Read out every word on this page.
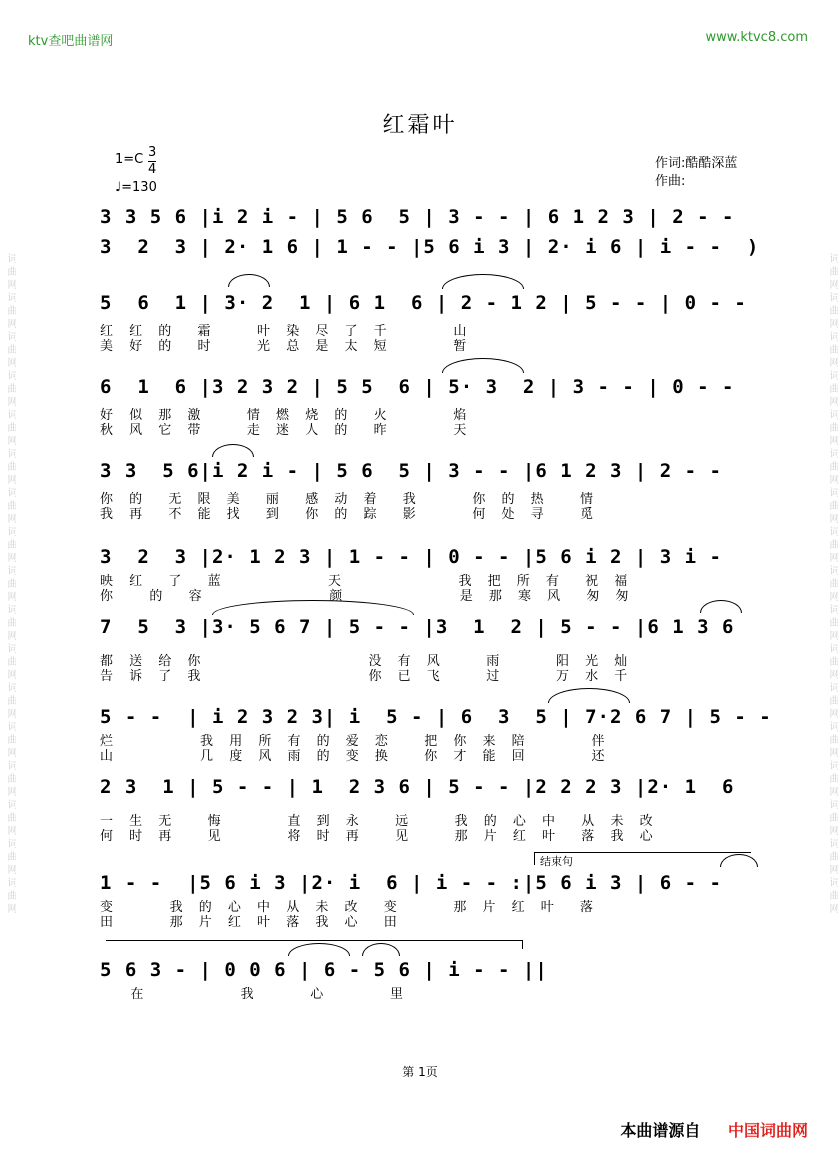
词曲网词曲网词曲网词曲网词曲网词曲网词曲网词曲网词曲网词曲网词曲网词曲网词曲网词曲网词曲网词曲网词曲网	词曲网词曲网词曲网词曲网词曲网词曲网词曲网词曲网词曲网词曲网词曲网词曲网词曲网词曲网词曲网词曲网词曲网
ktv查吧曲谱网	www.ktvc8.com
红霜叶
1=C 3
4
♩=130
作词:酷酷深蓝
作曲:
3 3 5 6 |i 2 i - | 5 6  5 | 3 - - | 6 1 2 3 | 2 - -
3  2  3 | 2· 1 6 | 1 - - |5 6 i 3 | 2· i 6 | i - -  )
5  6  1 | 3· 2  1 | 6 1  6 | 2 - 1 2 | 5 - - | 0 - -
红 红 的  霜    叶 染 尽 了 千      山
美 好 的  时    光 总 是 太 短      暂
6  1  6 |3 2 3 2 | 5 5  6 | 5· 3  2 | 3 - - | 0 - -
好 似 那 激    情 燃 烧 的  火      焰
秋 风 它 带    走 迷 人 的  昨      天
3 3  5 6|i 2 i - | 5 6  5 | 3 - - |6 1 2 3 | 2 - -
你 的  无 限 美  丽  感 动 着  我     你 的 热   情
我 再  不 能 找  到  你 的 踪  影     何 处 寻   觅
3  2  3 |2· 1 2 3 | 1 - - | 0 - - |5 6 i 2 | 3 i -
映 红  了  蓝          天           我 把 所 有  祝 福
你   的  容            颜           是 那 寒 风  匆 匆
7  5  3 |3· 5 6 7 | 5 - - |3  1  2 | 5 - - |6 1 3 6
都 送 给 你                没 有 风    雨     阳 光 灿
告 诉 了 我                你 已 飞    过     万 水 千
5 - -  | i 2 3 2 3| i  5 - | 6  3  5 | 7·2 6 7 | 5 - -
烂        我 用 所 有 的 爱 恋   把 你 来 陪      伴
山        几 度 风 雨 的 变 换   你 才 能 回      还
2 3  1 | 5 - - | 1  2 3 6 | 5 - - |2 2 2 3 |2· 1  6
一 生 无   悔      直 到 永   远    我 的 心 中  从 未 改
何 时 再   见      将 时 再   见    那 片 红 叶  落 我 心
结束句
1 - -  |5 6 i 3 |2· i  6 | i - - :|5 6 i 3 | 6 - -
变     我 的 心 中 从 未 改  变     那 片 红 叶  落
田     那 片 红 叶 落 我 心  田
5 6 3 - | 0 0 6 | 6 - 5 6 | i - - ||
在         我     心      里
第 1页
本曲谱源自 中国词曲网
